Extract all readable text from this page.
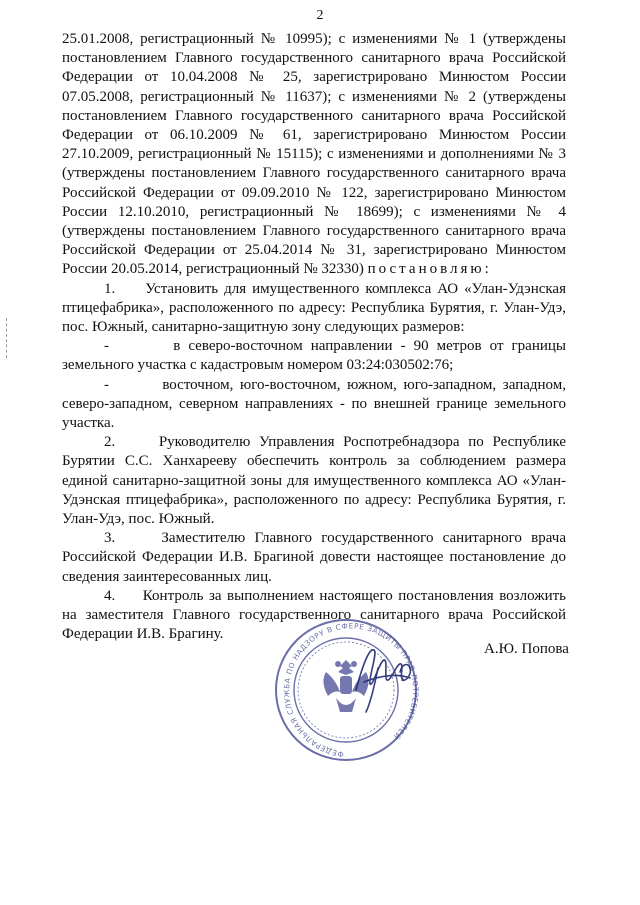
2

25.01.2008, регистрационный № 10995); с изменениями № 1 (утверждены постановлением Главного государственного санитарного врача Российской Федерации от 10.04.2008 № 25, зарегистрировано Минюстом России 07.05.2008, регистрационный № 11637); с изменениями № 2 (утверждены постановлением Главного государственного санитарного врача Российской Федерации от 06.10.2009 № 61, зарегистрировано Минюстом России 27.10.2009, регистрационный № 15115); с изменениями и дополнениями № 3 (утверждены постановлением Главного государственного санитарного врача Российской Федерации от 09.09.2010 № 122, зарегистрировано Минюстом России 12.10.2010, регистрационный № 18699); с изменениями № 4 (утверждены постановлением Главного государственного санитарного врача Российской Федерации от 25.04.2014 № 31, зарегистрировано Минюстом России 20.05.2014, регистрационный № 32330) постановляю:

1. Установить для имущественного комплекса АО «Улан-Удэнская птицефабрика», расположенного по адресу: Республика Бурятия, г. Улан-Удэ, пос. Южный, санитарно-защитную зону следующих размеров:

-	в северо-восточном направлении - 90 метров от границы земельного участка с кадастровым номером 03:24:030502:76;

-	восточном, юго-восточном, южном, юго-западном, западном, северо-западном, северном направлениях - по внешней границе земельного участка.

2.	Руководителю Управления Роспотребнадзора по Республике Бурятии С.С. Ханхарееву обеспечить контроль за соблюдением размера единой санитарно-защитной зоны для имущественного комплекса АО «Улан-Удэнская птицефабрика», расположенного по адресу: Республика Бурятия, г. Улан-Удэ, пос. Южный.

3.	Заместителю Главного государственного санитарного врача Российской Федерации И.В. Брагиной довести настоящее постановление до сведения заинтересованных лиц.

4. Контроль за выполнением настоящего постановления возложить на заместителя Главного государственного санитарного врача Российской Федерации И.В. Брагину.

ФЕДЕРАЛЬНАЯ СЛУЖБА ПО НАДЗОРУ В СФЕРЕ ЗАЩИТЫ ПРАВ ПОТРЕБИТЕЛЕЙ
А.Ю. Попова
